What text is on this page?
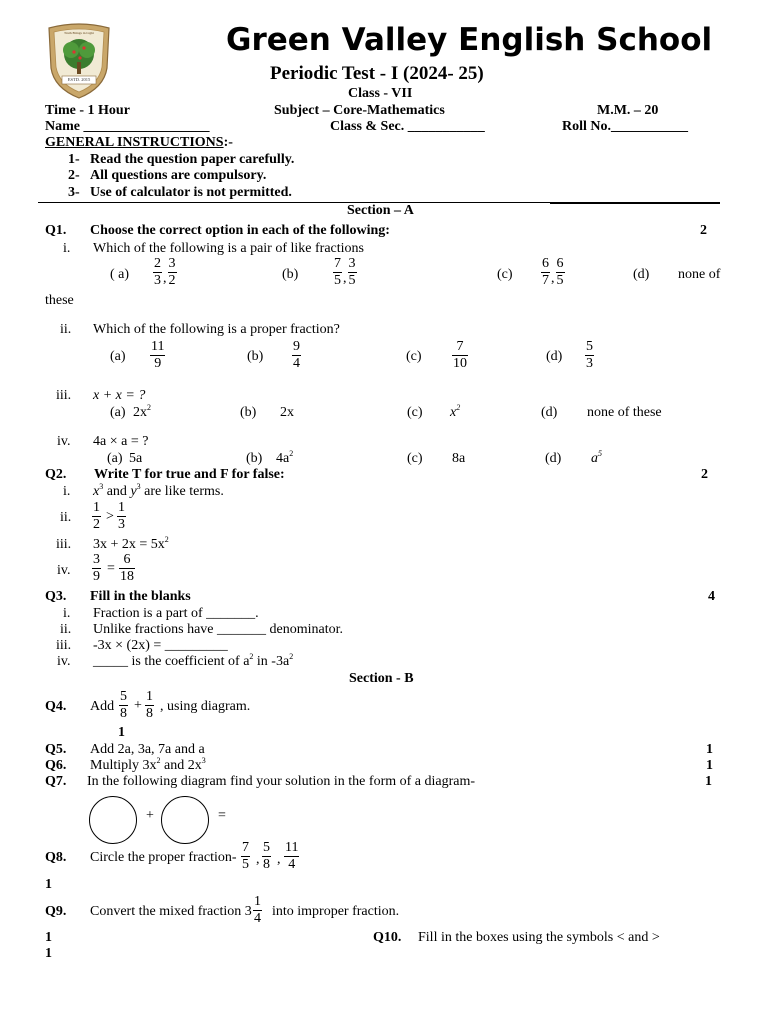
Truth Brings in Light
ESTD. 2015
Green Valley English School
Periodic Test - I (2024- 25)
Class - VII
Time - 1 Hour	Subject – Core-Mathematics	M.M. – 20
Name __________________	Class & Sec. ___________	Roll No.___________
GENERAL INSTRUCTIONS:-
1- Read the question paper carefully.
2- All questions are compulsory.
3- Use of calculator is not permitted.
Section – A
Q1. Choose the correct option in each of the following:	2
i. Which of the following is a pair of like fractions
( $a) \frac{2}{3}$ , $\frac{3}{2}$	$(b) \frac{7}{5}$ , $\frac{3}{5}$	$(c) \frac{6}{7}$ , $\frac{6}{5}$	(d) none of
these
ii. Which of the following is a proper fraction?
$(a) \frac{11}{9}$	$(b) \frac{9}{4}$	$(c) \frac{7}{10}$	$(d) \frac{5}{3}$
iii. x + x = ?
(a) $2x^2$	(b) 2x	(c) $x^2$	(d) none of these
iv. 4a × a = ?
(a) 5a	(b) $4a^2$	(c) 8a	(d) $a^5$
Q2. Write T for true and F for false:	2
i. $x^3$ and $y^3$ are like terms.
ii. $\frac{1}{2} > \frac{1}{3}$
iii. $3x + 2x = 5x^2$
iv. $\frac{3}{9} = \frac{6}{18}$
Q3. Fill in the blanks	4
i. Fraction is a part of _______.
ii. Unlike fractions have _______ denominator.
iii. -3x × (2x) = _________
iv. _____ is the coefficient of $a^2$ in $-3a^2$
Section - B
Q4. Add $\frac{5}{8} + \frac{1}{8}$ , using diagram.
1
Q5. Add 2a, 3a, 7a and a	1
Q6. Multiply $3x^2$ and $2x^3$	1
Q7. In the following diagram find your solution in the form of a diagram-	1
+	=
Q8. Circle the proper fraction- $\frac{7}{5}$ , $\frac{5}{8}$ , $\frac{11}{4}$
1
Q9. Convert the mixed fraction $3 \frac{1}{4}$ into improper fraction.
1	Q10. Fill in the boxes using the symbols < and >
1
